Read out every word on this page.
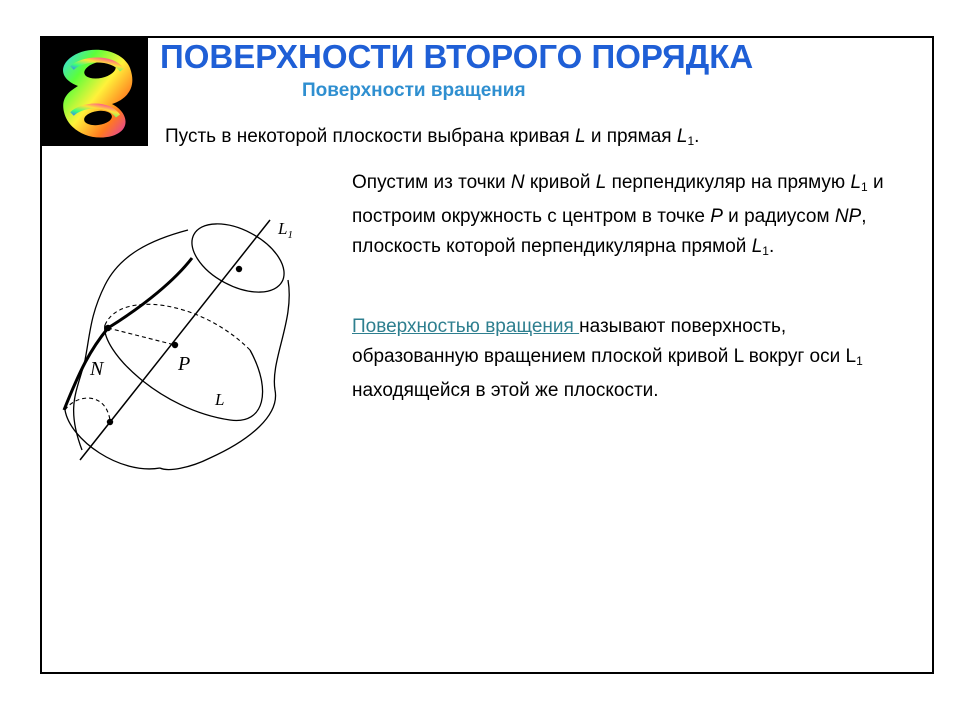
ПОВЕРХНОСТИ ВТОРОГО ПОРЯДКА
Поверхности вращения
Пусть в некоторой плоскости выбрана кривая L и прямая $L_1$.
Опустим из точки N кривой L перпендикуляр на прямую $L_1$ и построим окружность с центром в точке P и радиусом NP, плоскость которой перпендикулярна прямой $L_1$.
Поверхностью вращения называют поверхность, образованную вращением плоской кривой L вокруг оси $L_1$ находящейся в этой же плоскости.
$L_1$
N	P
L
